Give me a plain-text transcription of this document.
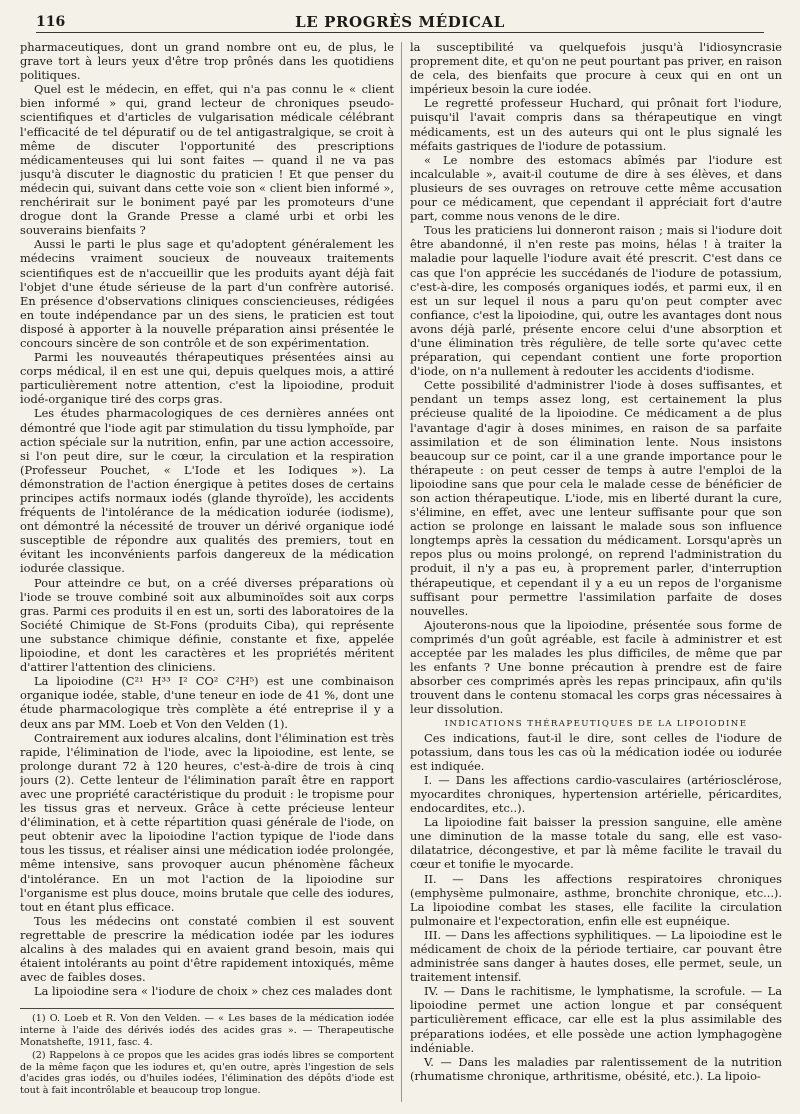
116	LE PROGRÈS MÉDICAL

pharmaceutiques, dont un grand nombre ont eu, de plus, le grave tort à leurs yeux d'être trop prônés dans les quotidiens politiques.

Quel est le médecin, en effet, qui n'a pas connu le « client bien informé » qui, grand lecteur de chroniques pseudo-scientifiques et d'articles de vulgarisation médicale célébrant l'efficacité de tel dépuratif ou de tel antigastralgique, se croit à même de discuter l'opportunité des prescriptions médicamenteuses qui lui sont faites — quand il ne va pas jusqu'à discuter le diagnostic du praticien ! Et que penser du médecin qui, suivant dans cette voie son « client bien informé », renchérirait sur le boniment payé par les promoteurs d'une drogue dont la Grande Presse a clamé urbi et orbi les souverains bienfaits ?

Aussi le parti le plus sage et qu'adoptent généralement les médecins vraiment soucieux de nouveaux traitements scientifiques est de n'accueillir que les produits ayant déjà fait l'objet d'une étude sérieuse de la part d'un confrère autorisé. En présence d'observations cliniques consciencieuses, rédigées en toute indépendance par un des siens, le praticien est tout disposé à apporter à la nouvelle préparation ainsi présentée le concours sincère de son contrôle et de son expérimentation.

Parmi les nouveautés thérapeutiques présentées ainsi au corps médical, il en est une qui, depuis quelques mois, a attiré particulièrement notre attention, c'est la lipoiodine, produit iodé-organique tiré des corps gras.

Les études pharmacologiques de ces dernières années ont démontré que l'iode agit par stimulation du tissu lymphoïde, par action spéciale sur la nutrition, enfin, par une action accessoire, si l'on peut dire, sur le cœur, la circulation et la respiration (Professeur Pouchet, « L'Iode et les Iodiques »). La démonstration de l'action énergique à petites doses de certains principes actifs normaux iodés (glande thyroïde), les accidents fréquents de l'intolérance de la médication iodurée (iodisme), ont démontré la nécessité de trouver un dérivé organique iodé susceptible de répondre aux qualités des premiers, tout en évitant les inconvénients parfois dangereux de la médication iodurée classique.

Pour atteindre ce but, on a créé diverses préparations où l'iode se trouve combiné soit aux albuminoïdes soit aux corps gras. Parmi ces produits il en est un, sorti des laboratoires de la Société Chimique de St-Fons (produits Ciba), qui représente une substance chimique définie, constante et fixe, appelée lipoiodine, et dont les caractères et les propriétés méritent d'attirer l'attention des cliniciens.

La lipoiodine (C²¹ H³³ I² CO² C²H⁵) est une combinaison organique iodée, stable, d'une teneur en iode de 41 %, dont une étude pharmacologique très complète a été entreprise il y a deux ans par MM. Loeb et Von den Velden (1).

Contrairement aux iodures alcalins, dont l'élimination est très rapide, l'élimination de l'iode, avec la lipoiodine, est lente, se prolonge durant 72 à 120 heures, c'est-à-dire de trois à cinq jours (2). Cette lenteur de l'élimination paraît être en rapport avec une propriété caractéristique du produit : le tropisme pour les tissus gras et nerveux. Grâce à cette précieuse lenteur d'élimination, et à cette répartition quasi générale de l'iode, on peut obtenir avec la lipoiodine l'action typique de l'iode dans tous les tissus, et réaliser ainsi une médication iodée prolongée, même intensive, sans provoquer aucun phénomène fâcheux d'intolérance. En un mot l'action de la lipoiodine sur l'organisme est plus douce, moins brutale que celle des iodures, tout en étant plus efficace.

Tous les médecins ont constaté combien il est souvent regrettable de prescrire la médication iodée par les iodures alcalins à des malades qui en avaient grand besoin, mais qui étaient intolérants au point d'être rapidement intoxiqués, même avec de faibles doses.

La lipoiodine sera « l'iodure de choix » chez ces malades dont

(1) O. Loeb et R. Von den Velden. — « Les bases de la médication iodée interne à l'aide des dérivés iodés des acides gras ». — Therapeutische Monatshefte, 1911, fasc. 4.

(2) Rappelons à ce propos que les acides gras iodés libres se comportent de la même façon que les iodures et, qu'en outre, après l'ingestion de sels d'acides gras iodés, ou d'huiles iodées, l'élimination des dépôts d'iode est tout à fait incontrôlable et beaucoup trop longue.

la susceptibilité va quelquefois jusqu'à l'idiosyncrasie proprement dite, et qu'on ne peut pourtant pas priver, en raison de cela, des bienfaits que procure à ceux qui en ont un impérieux besoin la cure iodée.

Le regretté professeur Huchard, qui prônait fort l'iodure, puisqu'il l'avait compris dans sa thérapeutique en vingt médicaments, est un des auteurs qui ont le plus signalé les méfaits gastriques de l'iodure de potassium.

« Le nombre des estomacs abîmés par l'iodure est incalculable », avait-il coutume de dire à ses élèves, et dans plusieurs de ses ouvrages on retrouve cette même accusation pour ce médicament, que cependant il appréciait fort d'autre part, comme nous venons de le dire.

Tous les praticiens lui donneront raison ; mais si l'iodure doit être abandonné, il n'en reste pas moins, hélas ! à traiter la maladie pour laquelle l'iodure avait été prescrit. C'est dans ce cas que l'on apprécie les succédanés de l'iodure de potassium, c'est-à-dire, les composés organiques iodés, et parmi eux, il en est un sur lequel il nous a paru qu'on peut compter avec confiance, c'est la lipoiodine, qui, outre les avantages dont nous avons déjà parlé, présente encore celui d'une absorption et d'une élimination très régulière, de telle sorte qu'avec cette préparation, qui cependant contient une forte proportion d'iode, on n'a nullement à redouter les accidents d'iodisme.

Cette possibilité d'administrer l'iode à doses suffisantes, et pendant un temps assez long, est certainement la plus précieuse qualité de la lipoiodine. Ce médicament a de plus l'avantage d'agir à doses minimes, en raison de sa parfaite assimilation et de son élimination lente. Nous insistons beaucoup sur ce point, car il a une grande importance pour le thérapeute : on peut cesser de temps à autre l'emploi de la lipoiodine sans que pour cela le malade cesse de bénéficier de son action thérapeutique. L'iode, mis en liberté durant la cure, s'élimine, en effet, avec une lenteur suffisante pour que son action se prolonge en laissant le malade sous son influence longtemps après la cessation du médicament. Lorsqu'après un repos plus ou moins prolongé, on reprend l'administration du produit, il n'y a pas eu, à proprement parler, d'interruption thérapeutique, et cependant il y a eu un repos de l'organisme suffisant pour permettre l'assimilation parfaite de doses nouvelles.

Ajouterons-nous que la lipoiodine, présentée sous forme de comprimés d'un goût agréable, est facile à administrer et est acceptée par les malades les plus difficiles, de même que par les enfants ? Une bonne précaution à prendre est de faire absorber ces comprimés après les repas principaux, afin qu'ils trouvent dans le contenu stomacal les corps gras nécessaires à leur dissolution.

INDICATIONS THÉRAPEUTIQUES DE LA LIPOIODINE

Ces indications, faut-il le dire, sont celles de l'iodure de potassium, dans tous les cas où la médication iodée ou iodurée est indiquée.

I. — Dans les affections cardio-vasculaires (artériosclérose, myocardites chroniques, hypertension artérielle, péricardites, endocardites, etc..).

La lipoiodine fait baisser la pression sanguine, elle amène une diminution de la masse totale du sang, elle est vaso-dilatatrice, décongestive, et par là même facilite le travail du cœur et tonifie le myocarde.

II. — Dans les affections respiratoires chroniques (emphysème pulmonaire, asthme, bronchite chronique, etc...). La lipoiodine combat les stases, elle facilite la circulation pulmonaire et l'expectoration, enfin elle est eupnéique.

III. — Dans les affections syphilitiques. — La lipoiodine est le médicament de choix de la période tertiaire, car pouvant être administrée sans danger à hautes doses, elle permet, seule, un traitement intensif.

IV. — Dans le rachitisme, le lymphatisme, la scrofule. — La lipoiodine permet une action longue et par conséquent particulièrement efficace, car elle est la plus assimilable des préparations iodées, et elle possède une action lymphagogène indéniable.

V. — Dans les maladies par ralentissement de la nutrition (rhumatisme chronique, arthritisme, obésité, etc.). La lipoio-
